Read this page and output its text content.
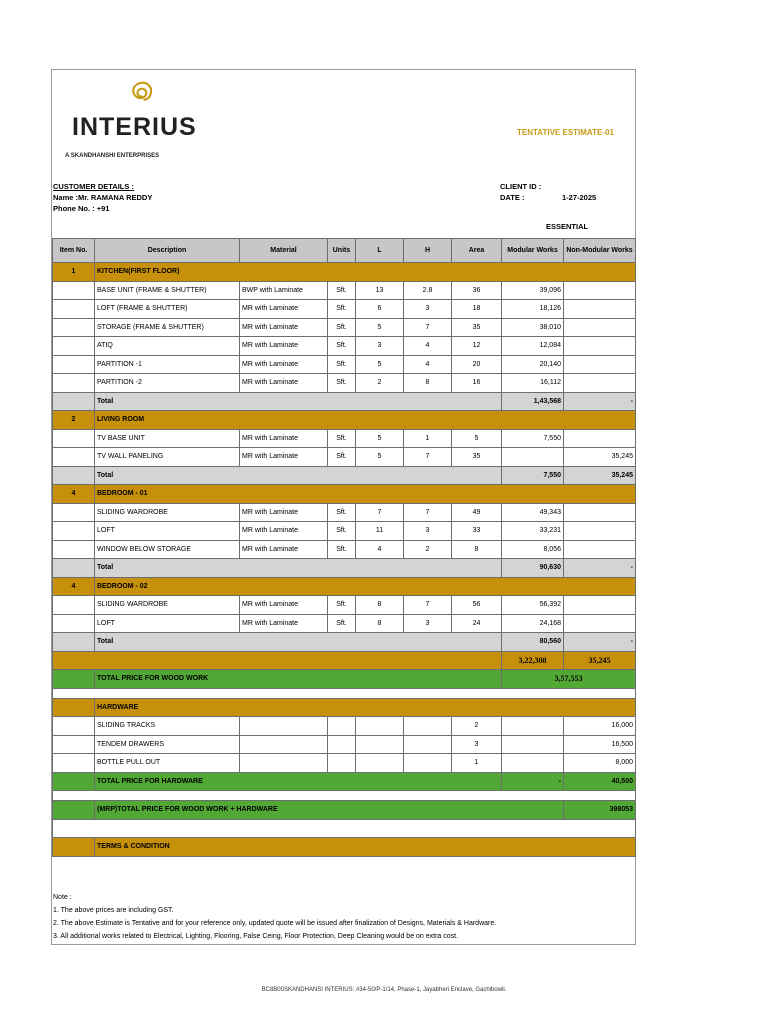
INTERIUS
A SKANDHANSHI ENTERPRISES
TENTATIVE ESTIMATE-01
CUSTOMER DETAILS :
Name :Mr. RAMANA REDDY
Phone No. : +91
CLIENT ID :
DATE :	1-27-2025
ESSENTIAL
Item No.	Description	Material	Units	L	H	Area	Modular Works	Non-Modular Works
1	KITCHEN(FIRST FLOOR)							
	BASE UNIT (FRAME & SHUTTER)	BWP with Laminate	Sft.	13	2.8	36	39,096	
	LOFT (FRAME & SHUTTER)	MR with Laminate	Sft.	6	3	18	18,126	
	STORAGE (FRAME & SHUTTER)	MR with Laminate	Sft.	5	7	35	38,010	
	ATIQ	MR with Laminate	Sft.	3	4	12	12,084	
	PARTITION -1	MR with Laminate	Sft.	5	4	20	20,140	
	PARTITION -2	MR with Laminate	Sft.	2	8	16	16,112	
	Total						1,43,568	-
2	LIVING ROOM							
	TV BASE UNIT	MR with Laminate	Sft.	5	1	5	7,550	
	TV WALL PANELING	MR with Laminate	Sft.	5	7	35		35,245
	Total						7,550	35,245
4	BEDROOM - 01							
	SLIDING WARDROBE	MR with Laminate	Sft.	7	7	49	49,343	
	LOFT	MR with Laminate	Sft.	11	3	33	33,231	
	WINDOW BELOW STORAGE	MR with Laminate	Sft.	4	2	8	8,056	
	Total						90,630	-
4	BEDROOM - 02							
	SLIDING WARDROBE	MR with Laminate	Sft.	8	7	56	56,392	
	LOFT	MR with Laminate	Sft.	8	3	24	24,168	
	Total						80,560	-
							3,22,308	35,245
	TOTAL PRICE FOR WOOD WORK						3,57,553	

	HARDWARE							
	SLIDING TRACKS					2		16,000
	TENDEM DRAWERS					3		16,500
	BOTTLE PULL OUT					1		8,000
	TOTAL PRICE FOR HARDWARE						-	40,500

	(MRP)TOTAL PRICE FOR WOOD WORK + HARDWARE							398053

	TERMS & CONDITION							
Note :
1. The above prices are including GST.
2. The above Estimate is Tentative and for your reference only, updated quote will be issued after finalization of Designs, Materials & Hardware.
3. All additional works related to Electrical, Lighting, Flooring, False Ceing, Floor Protection, Deep Cleaning would be on extra cost.
BC8B00SKANDHANSI INTERIUS: #34-50/P-1/14, Phase-1, Jayabheri Enclave, Gachibowli.
